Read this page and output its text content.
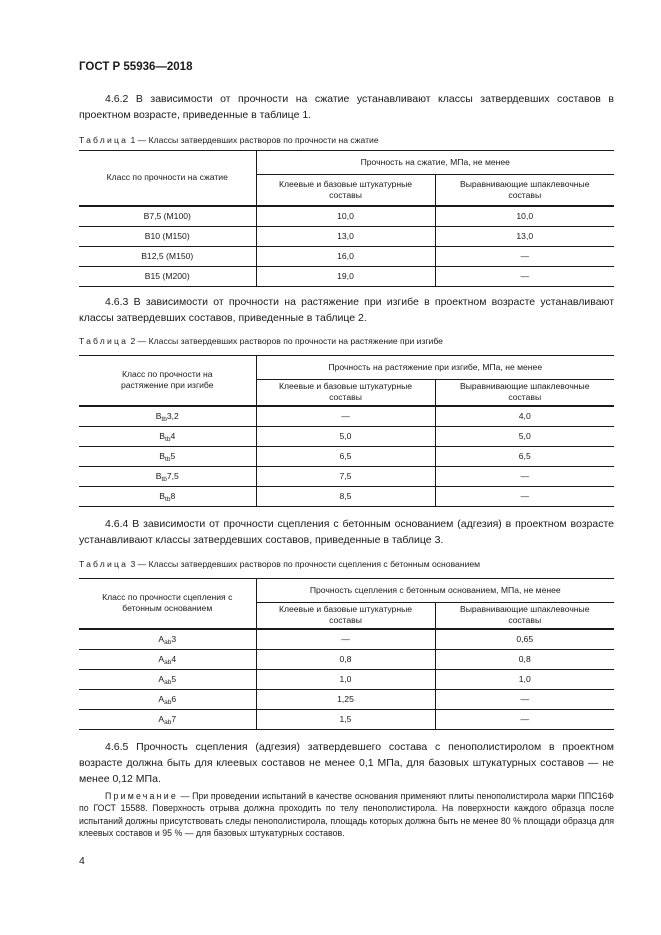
ГОСТ Р 55936—2018
4.6.2 В зависимости от прочности на сжатие устанавливают классы затвердевших составов в проектном возрасте, приведенные в таблице 1.
Таблица 1 — Классы затвердевших растворов по прочности на сжатие
Класс по прочности на сжатие	Прочность на сжатие, МПа, не менее	
	Клеевые и базовые штукатурные составы	Выравнивающие шпаклевочные составы
B7,5 (M100)	10,0	10,0
B10 (M150)	13,0	13,0
B12,5 (M150)	16,0	—
B15 (M200)	19,0	—
4.6.3 В зависимости от прочности на растяжение при изгибе в проектном возрасте устанавливают классы затвердевших составов, приведенные в таблице 2.
Таблица 2 — Классы затвердевших растворов по прочности на растяжение при изгибе
Класс по прочности на растяжение при изгибе	Прочность на растяжение при изгибе, МПа, не менее	
	Клеевые и базовые штукатурные составы	Выравнивающие шпаклевочные составы
$B_{tb}3,2$	—	4,0
$B_{tb}4$	5,0	5,0
$B_{tb}5$	6,5	6,5
$B_{tb}7,5$	7,5	—
$B_{tb}8$	8,5	—
4.6.4 В зависимости от прочности сцепления с бетонным основанием (адгезия) в проектном возрасте устанавливают классы затвердевших составов, приведенные в таблице 3.
Таблица 3 — Классы затвердевших растворов по прочности сцепления с бетонным основанием
Класс по прочности сцепления с бетонным основанием	Прочность сцепления с бетонным основанием, МПа, не менее	
	Клеевые и базовые штукатурные составы	Выравнивающие шпаклевочные составы
$A_{ab}3$	—	0,65
$A_{ab}4$	0,8	0,8
$A_{ab}5$	1,0	1,0
$A_{ab}6$	1,25	—
$A_{ab}7$	1,5	—
4.6.5 Прочность сцепления (адгезия) затвердевшего состава с пенополистиролом в проектном возрасте должна быть для клеевых составов не менее 0,1 МПа, для базовых штукатурных составов — не менее 0,12 МПа.
Примечание — При проведении испытаний в качестве основания применяют плиты пенополистирола марки ППС16Ф по ГОСТ 15588. Поверхность отрыва должна проходить по телу пенополистирола. На поверхности каждого образца после испытаний должны присутствовать следы пенополистирола, площадь которых должна быть не менее 80 % площади образца для клеевых составов и 95 % — для базовых штукатурных составов.
4
